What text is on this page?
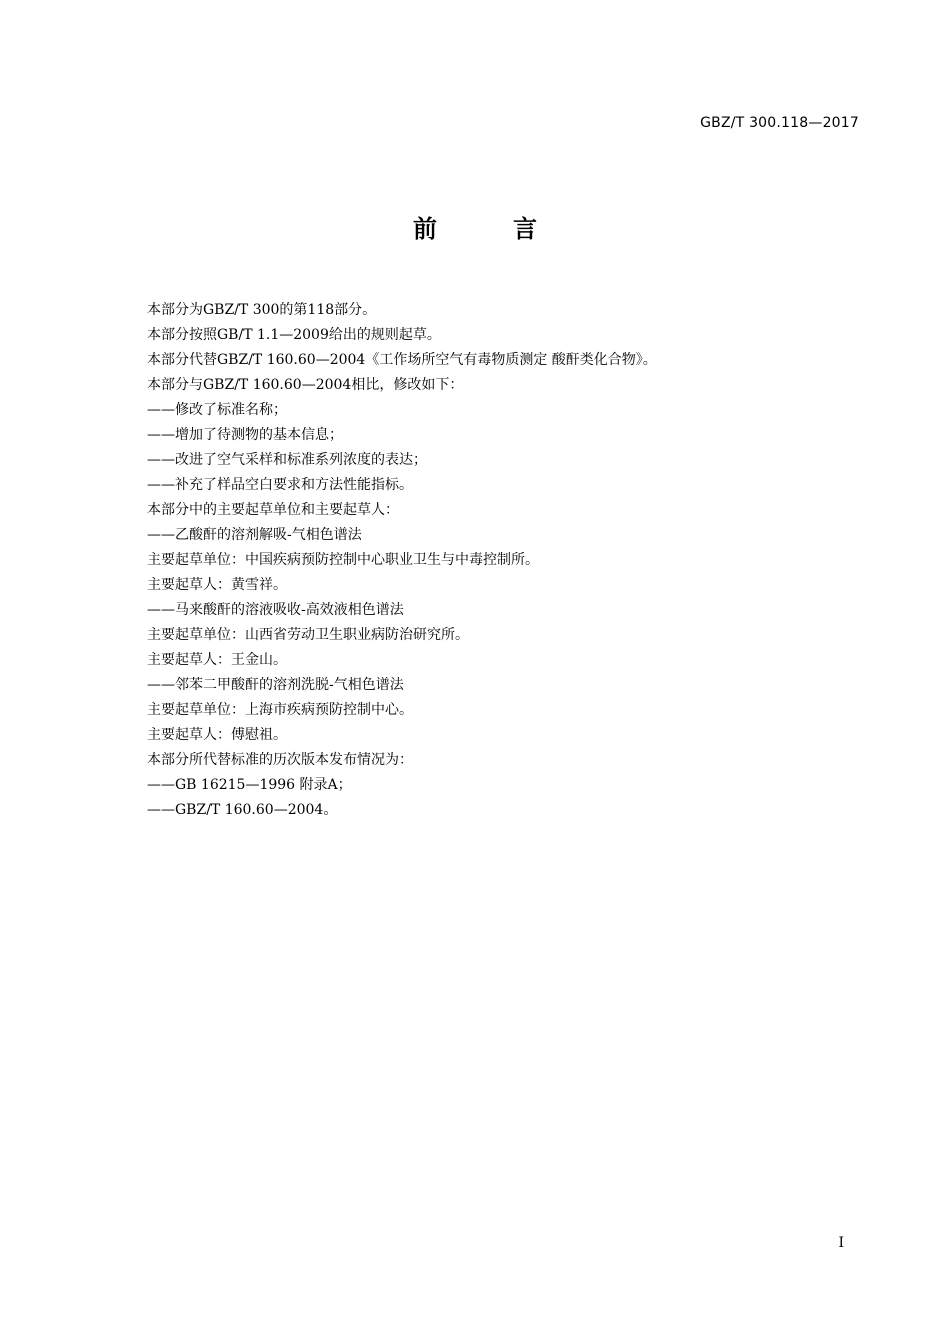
GBZ/T 300.118—2017
前	言
本部分为GBZ/T 300的第118部分。
本部分按照GB/T 1.1—2009给出的规则起草。
本部分代替GBZ/T 160.60—2004《工作场所空气有毒物质测定 酸酐类化合物》。
本部分与GBZ/T 160.60—2004相比，修改如下：
——修改了标准名称；
——增加了待测物的基本信息；
——改进了空气采样和标准系列浓度的表达；
——补充了样品空白要求和方法性能指标。
本部分中的主要起草单位和主要起草人：
——乙酸酐的溶剂解吸-气相色谱法
主要起草单位：中国疾病预防控制中心职业卫生与中毒控制所。
主要起草人：黄雪祥。
——马来酸酐的溶液吸收-高效液相色谱法
主要起草单位：山西省劳动卫生职业病防治研究所。
主要起草人：王金山。
——邻苯二甲酸酐的溶剂洗脱-气相色谱法
主要起草单位：上海市疾病预防控制中心。
主要起草人：傅慰祖。
本部分所代替标准的历次版本发布情况为：
——GB 16215—1996 附录A；
——GBZ/T 160.60—2004。
I
